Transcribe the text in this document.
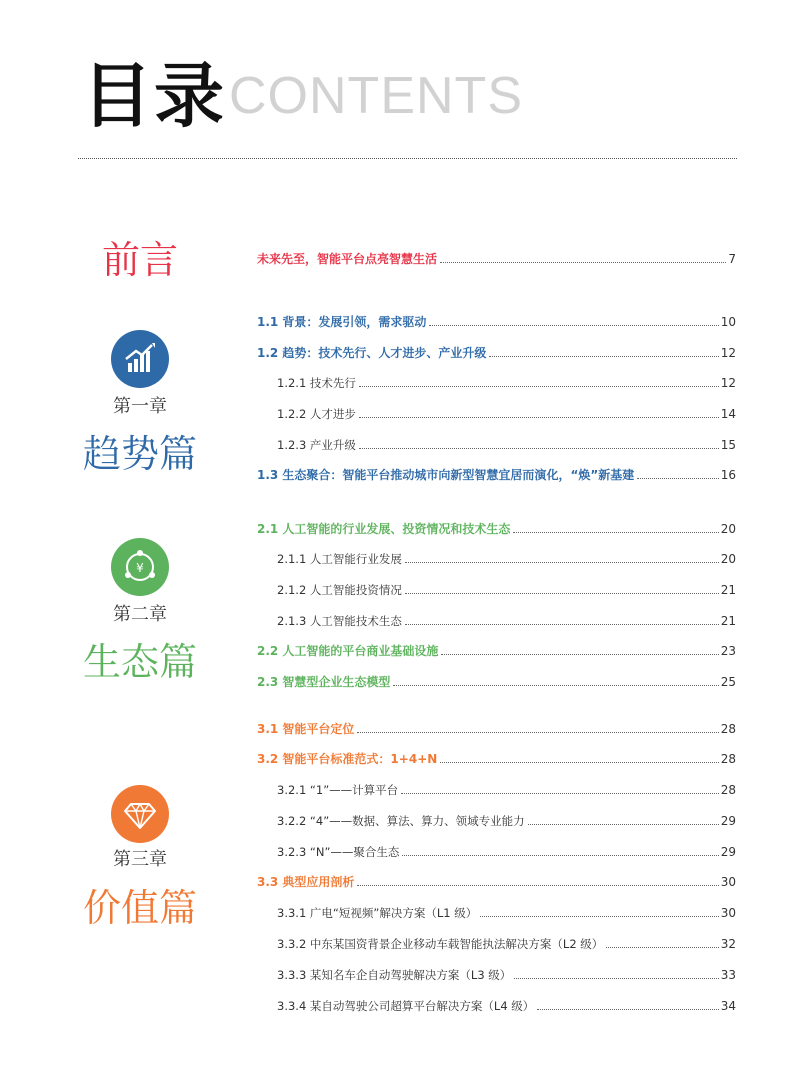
目录 CONTENTS
前言	未来先至，智能平台点亮智慧生活	7
第一章
趋势篇
1.1 背景：发展引领，需求驱动	10
1.2 趋势：技术先行、人才进步、产业升级	12
1.2.1 技术先行	12
1.2.2 人才进步	14
1.2.3 产业升级	15
1.3 生态聚合：智能平台推动城市向新型智慧宜居而演化，“焕”新基建	16
¥
第二章
生态篇
2.1 人工智能的行业发展、投资情况和技术生态	20
2.1.1 人工智能行业发展	20
2.1.2 人工智能投资情况	21
2.1.3 人工智能技术生态	21
2.2 人工智能的平台商业基础设施	23
2.3 智慧型企业生态模型	25
第三章
价值篇
3.1 智能平台定位	28
3.2 智能平台标准范式：1+4+N	28
3.2.1 “1”——计算平台	28
3.2.2 “4”——数据、算法、算力、领域专业能力	29
3.2.3 “N”——聚合生态	29
3.3 典型应用剖析	30
3.3.1 广电“短视频”解决方案（L1 级）	30
3.3.2 中东某国资背景企业移动车载智能执法解决方案（L2 级）	32
3.3.3 某知名车企自动驾驶解决方案（L3 级）	33
3.3.4 某自动驾驶公司超算平台解决方案（L4 级）	34
